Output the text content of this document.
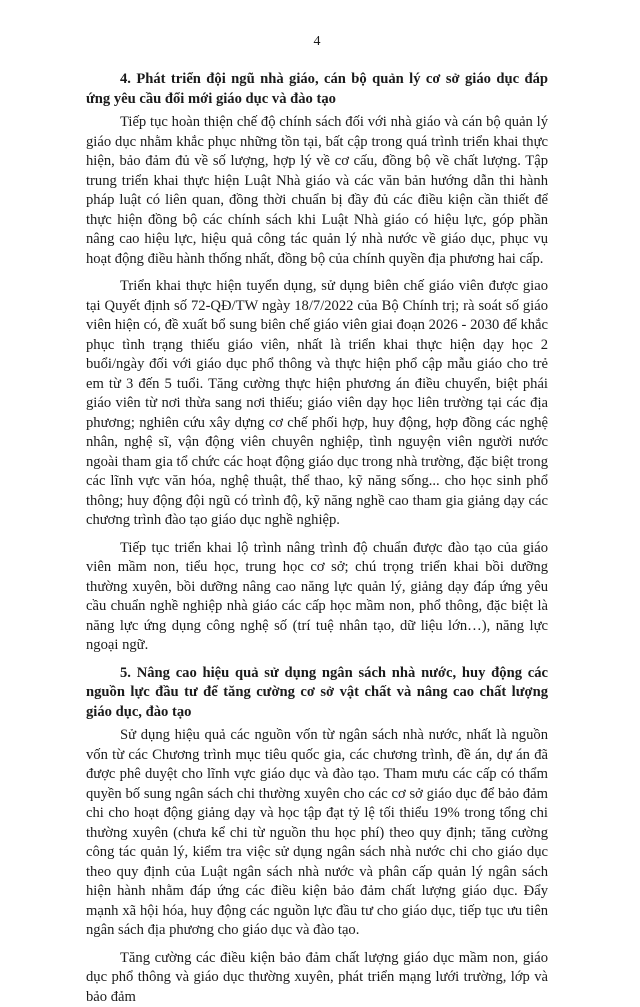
4

4. Phát triển đội ngũ nhà giáo, cán bộ quản lý cơ sở giáo dục đáp ứng yêu cầu đổi mới giáo dục và đào tạo

Tiếp tục hoàn thiện chế độ chính sách đối với nhà giáo và cán bộ quản lý giáo dục nhằm khắc phục những tồn tại, bất cập trong quá trình triển khai thực hiện, bảo đảm đủ về số lượng, hợp lý về cơ cấu, đồng bộ về chất lượng. Tập trung triển khai thực hiện Luật Nhà giáo và các văn bản hướng dẫn thi hành pháp luật có liên quan, đồng thời chuẩn bị đầy đủ các điều kiện cần thiết để thực hiện đồng bộ các chính sách khi Luật Nhà giáo có hiệu lực, góp phần nâng cao hiệu lực, hiệu quả công tác quản lý nhà nước về giáo dục, phục vụ hoạt động điều hành thống nhất, đồng bộ của chính quyền địa phương hai cấp.

Triển khai thực hiện tuyển dụng, sử dụng biên chế giáo viên được giao tại Quyết định số 72-QĐ/TW ngày 18/7/2022 của Bộ Chính trị; rà soát số giáo viên hiện có, đề xuất bổ sung biên chế giáo viên giai đoạn 2026 - 2030 để khắc phục tình trạng thiếu giáo viên, nhất là triển khai thực hiện dạy học 2 buổi/ngày đối với giáo dục phổ thông và thực hiện phổ cập mẫu giáo cho trẻ em từ 3 đến 5 tuổi. Tăng cường thực hiện phương án điều chuyển, biệt phái giáo viên từ nơi thừa sang nơi thiếu; giáo viên dạy học liên trường tại các địa phương; nghiên cứu xây dựng cơ chế phối hợp, huy động, hợp đồng các nghệ nhân, nghệ sĩ, vận động viên chuyên nghiệp, tình nguyện viên người nước ngoài tham gia tổ chức các hoạt động giáo dục trong nhà trường, đặc biệt trong các lĩnh vực văn hóa, nghệ thuật, thể thao, kỹ năng sống... cho học sinh phổ thông; huy động đội ngũ có trình độ, kỹ năng nghề cao tham gia giảng dạy các chương trình đào tạo giáo dục nghề nghiệp.

Tiếp tục triển khai lộ trình nâng trình độ chuẩn được đào tạo của giáo viên mầm non, tiểu học, trung học cơ sở; chú trọng triển khai bồi dưỡng thường xuyên, bồi dưỡng nâng cao năng lực quản lý, giảng dạy đáp ứng yêu cầu chuẩn nghề nghiệp nhà giáo các cấp học mầm non, phổ thông, đặc biệt là năng lực ứng dụng công nghệ số (trí tuệ nhân tạo, dữ liệu lớn…), năng lực ngoại ngữ.

5. Nâng cao hiệu quả sử dụng ngân sách nhà nước, huy động các nguồn lực đầu tư để tăng cường cơ sở vật chất và nâng cao chất lượng giáo dục, đào tạo

Sử dụng hiệu quả các nguồn vốn từ ngân sách nhà nước, nhất là nguồn vốn từ các Chương trình mục tiêu quốc gia, các chương trình, đề án, dự án đã được phê duyệt cho lĩnh vực giáo dục và đào tạo. Tham mưu các cấp có thẩm quyền bố sung ngân sách chi thường xuyên cho các cơ sở giáo dục để bảo đảm chi cho hoạt động giảng dạy và học tập đạt tỷ lệ tối thiểu 19% trong tổng chi thường xuyên (chưa kể chi từ nguồn thu học phí) theo quy định; tăng cường công tác quản lý, kiểm tra việc sử dụng ngân sách nhà nước chi cho giáo dục theo quy định của Luật ngân sách nhà nước và phân cấp quản lý ngân sách hiện hành nhằm đáp ứng các điều kiện bảo đảm chất lượng giáo dục. Đẩy mạnh xã hội hóa, huy động các nguồn lực đầu tư cho giáo dục, tiếp tục ưu tiên ngân sách địa phương cho giáo dục và đào tạo.

Tăng cường các điều kiện bảo đảm chất lượng giáo dục mầm non, giáo dục phổ thông và giáo dục thường xuyên, phát triển mạng lưới trường, lớp và bảo đảm
